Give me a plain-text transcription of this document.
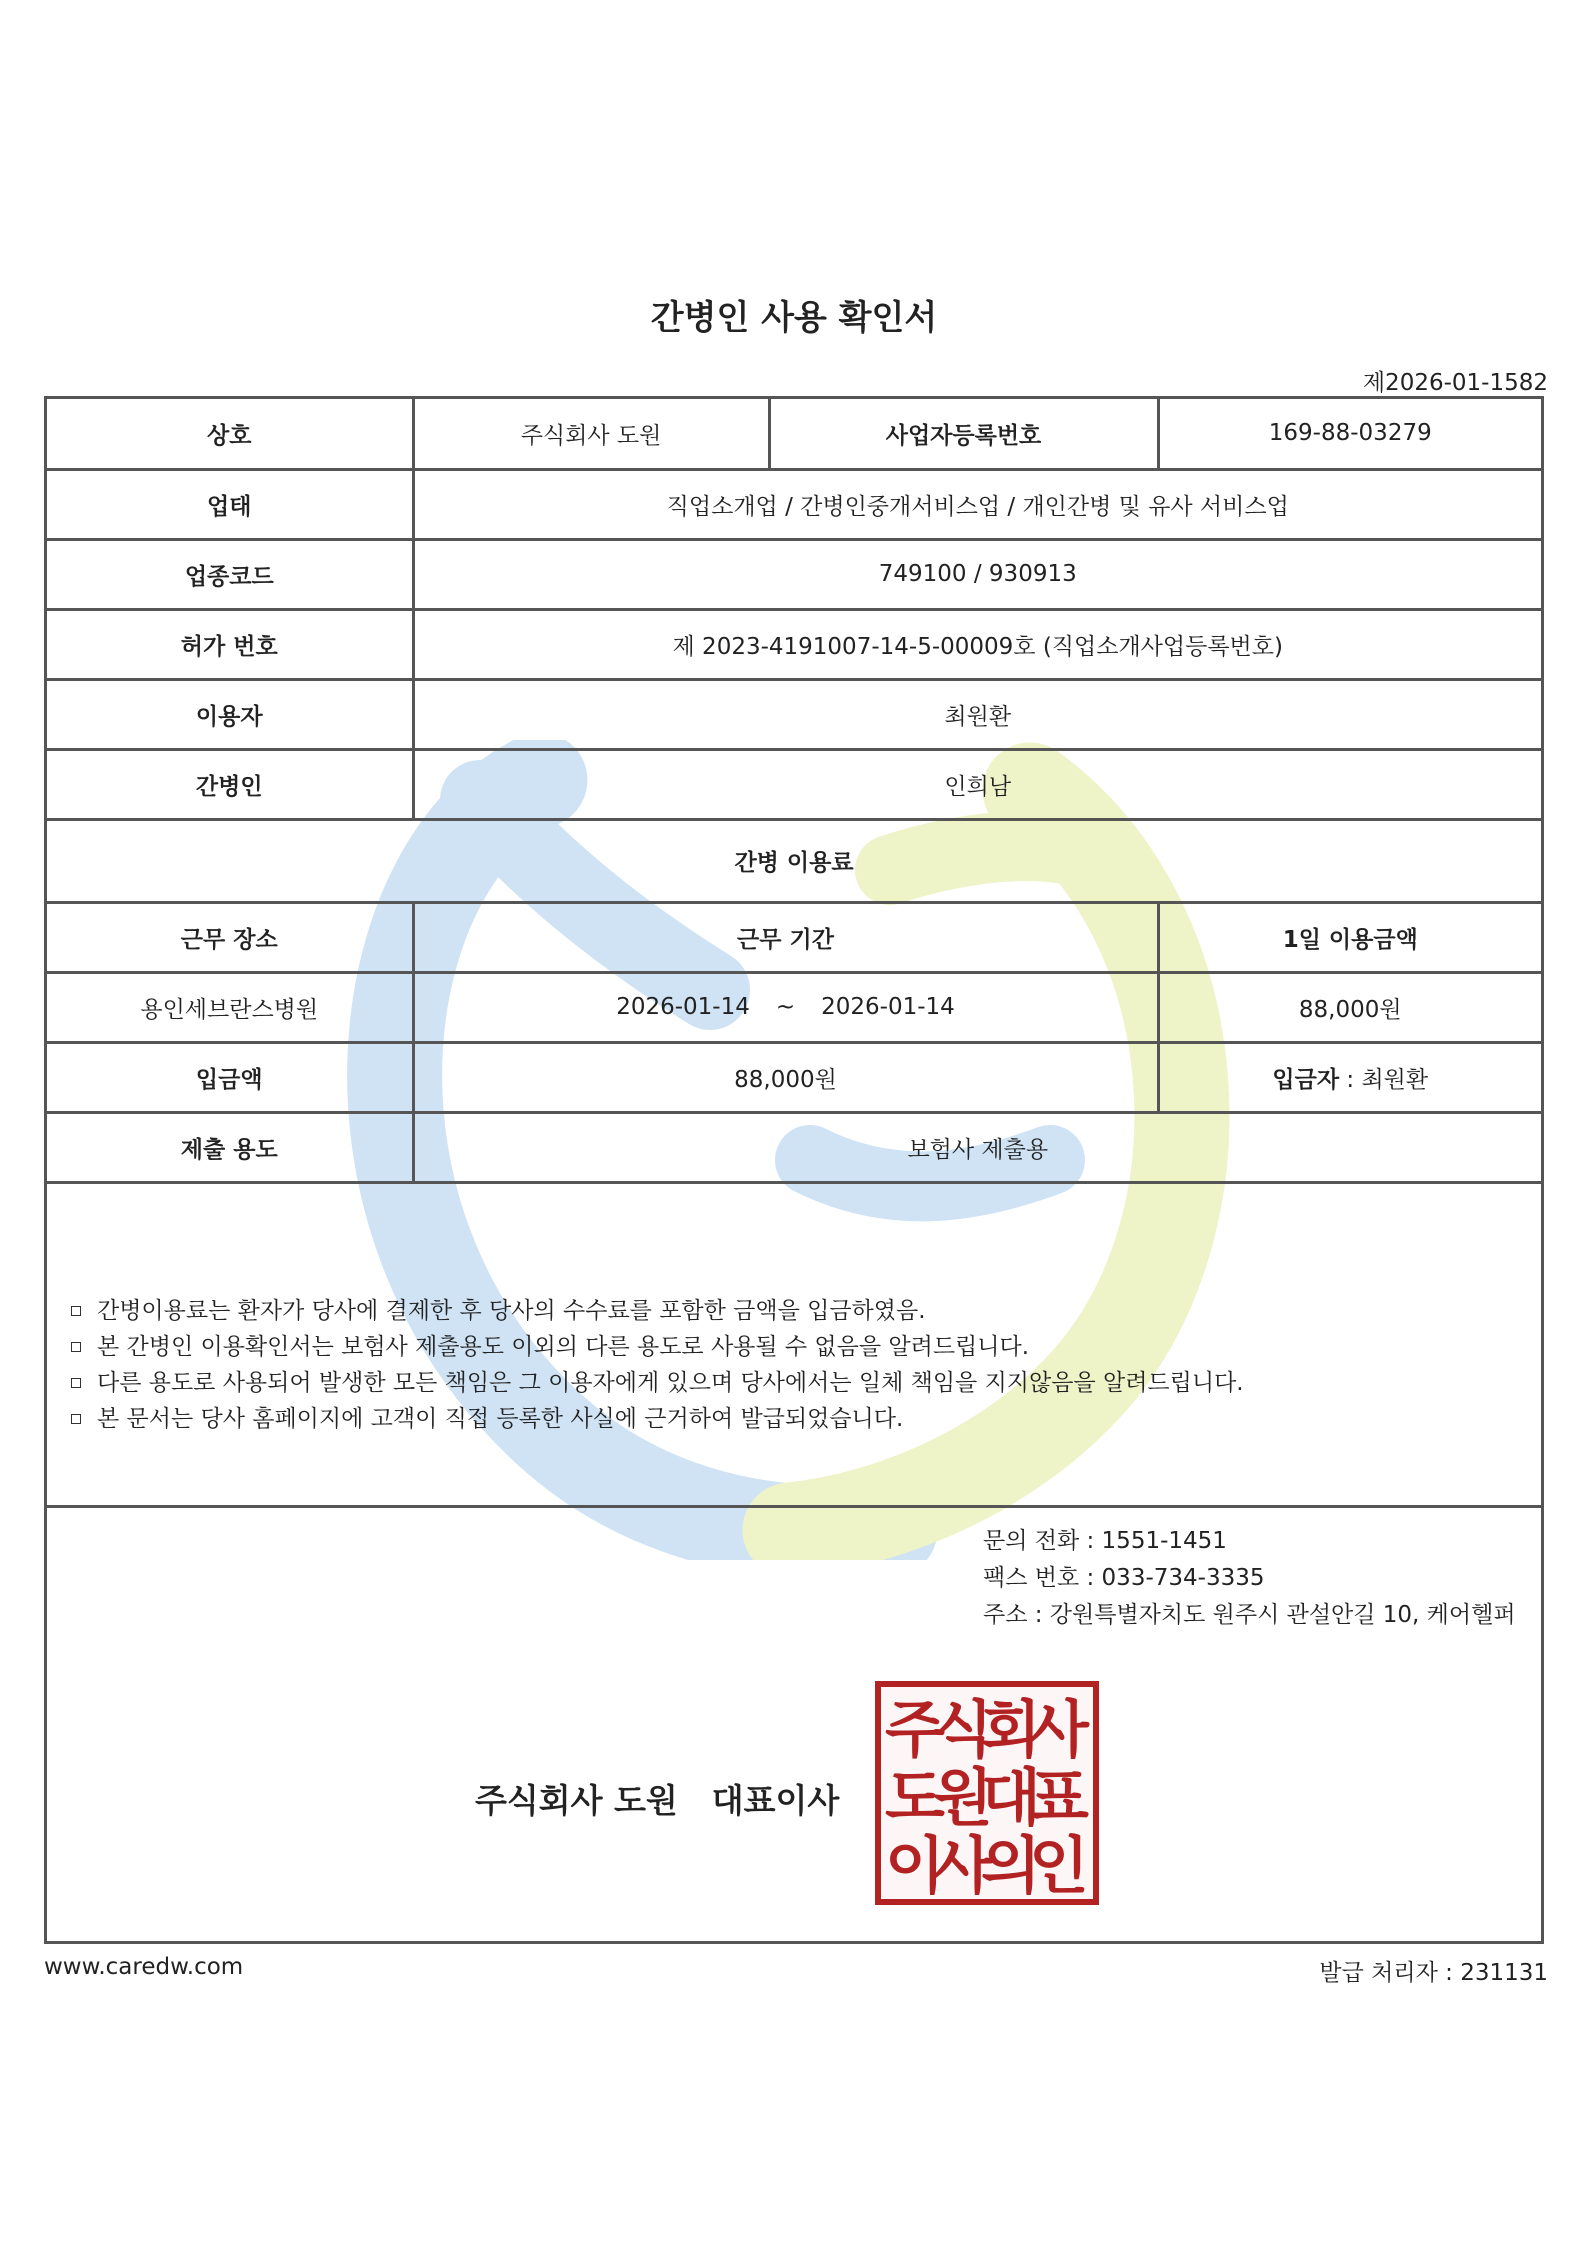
간병인 사용 확인서
제2026-01-1582
상호	주식회사 도원	사업자등록번호	169-88-03279
업태	직업소개업 / 간병인중개서비스업 / 개인간병 및 유사 서비스업		
업종코드	749100 / 930913		
허가 번호	제 2023-4191007-14-5-00009호 (직업소개사업등록번호)		
이용자	최원환		
간병인	인희남		
간병 이용료			
근무 장소	근무 기간		1일 이용금액
용인세브란스병원	2026-01-14 ~ 2026-01-14		88,000원
입금액	88,000원		입금자 : 최원환
제출 용도	보험사 제출용		
간병이용료는 환자가 당사에 결제한 후 당사의 수수료를 포함한 금액을 입금하였음.
본 간병인 이용확인서는 보험사 제출용도 이외의 다른 용도로 사용될 수 없음을 알려드립니다.
다른 용도로 사용되어 발생한 모든 책임은 그 이용자에게 있으며 당사에서는 일체 책임을 지지않음을 알려드립니다.
본 문서는 당사 홈페이지에 고객이 직접 등록한 사실에 근거하여 발급되었습니다.
문의 전화 : 1551-1451
팩스 번호 : 033-734-3335
주소 : 강원특별자치도 원주시 관설안길 10, 케어헬퍼
주식회사 도원 대표이사
주
식
회
사
도
원
대
표
이
사
의
인
www.caredw.com	발급 처리자 : 231131
